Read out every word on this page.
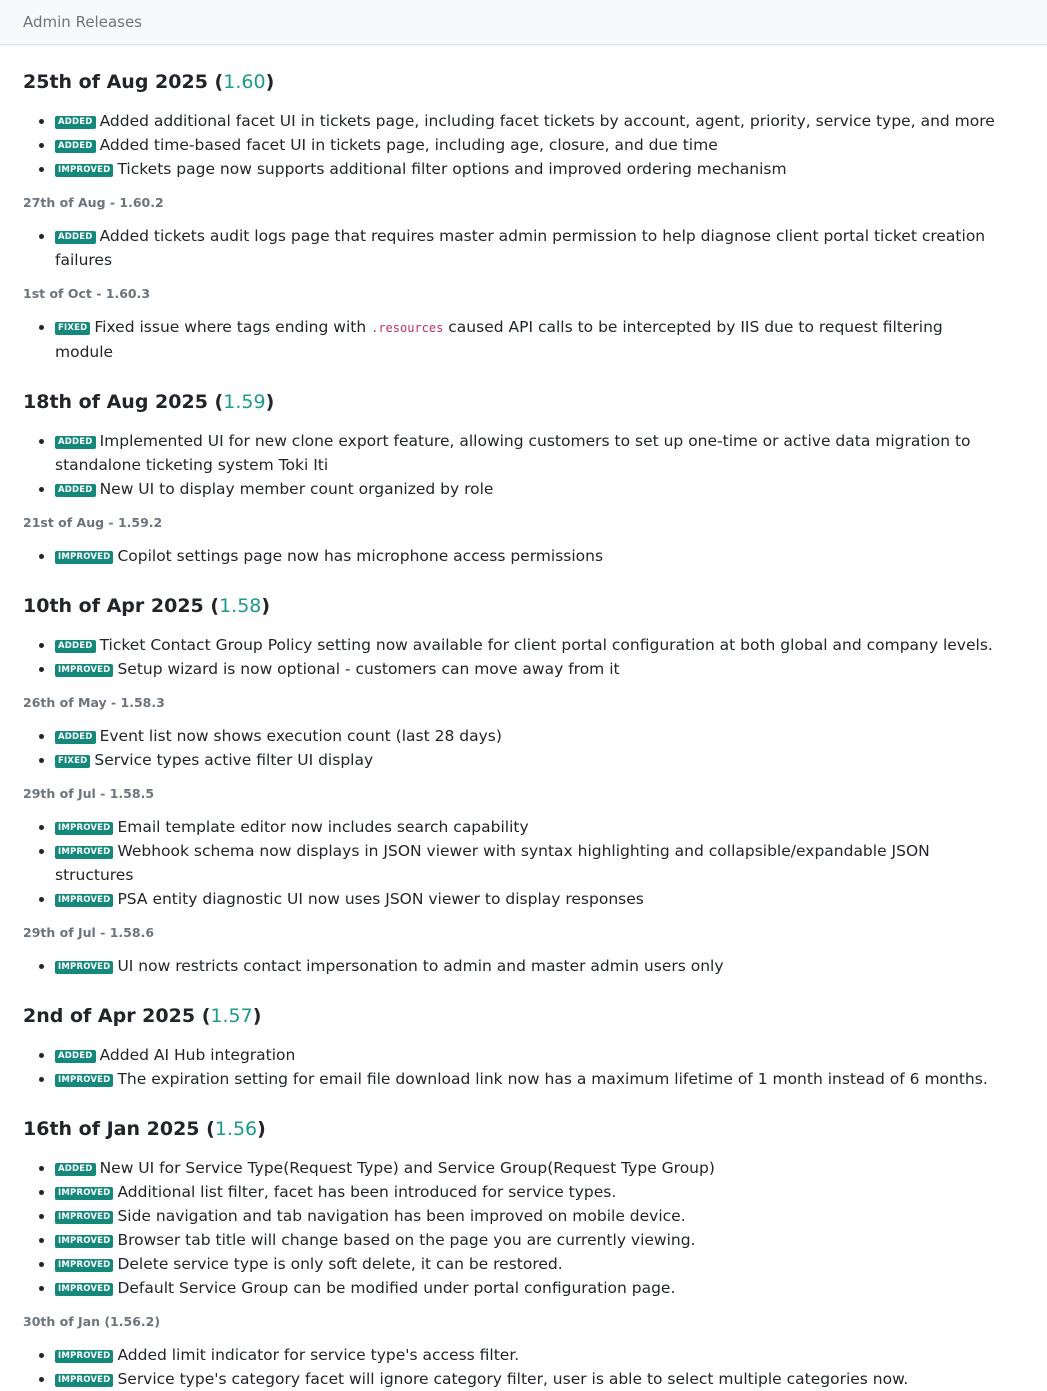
Admin Releases
25th of Aug 2025 (1.60)
• ADDED Added additional facet UI in tickets page, including facet tickets by account, agent, priority, service type, and more
• ADDED Added time-based facet UI in tickets page, including age, closure, and due time
• IMPROVED Tickets page now supports additional filter options and improved ordering mechanism
27th of Aug - 1.60.2
• ADDED Added tickets audit logs page that requires master admin permission to help diagnose client portal ticket creation failures
1st of Oct - 1.60.3
• FIXED Fixed issue where tags ending with .resources caused API calls to be intercepted by IIS due to request filtering module
18th of Aug 2025 (1.59)
• ADDED Implemented UI for new clone export feature, allowing customers to set up one-time or active data migration to standalone ticketing system Toki Iti
• ADDED New UI to display member count organized by role
21st of Aug - 1.59.2
• IMPROVED Copilot settings page now has microphone access permissions
10th of Apr 2025 (1.58)
• ADDED Ticket Contact Group Policy setting now available for client portal configuration at both global and company levels.
• IMPROVED Setup wizard is now optional - customers can move away from it
26th of May - 1.58.3
• ADDED Event list now shows execution count (last 28 days)
• FIXED Service types active filter UI display
29th of Jul - 1.58.5
• IMPROVED Email template editor now includes search capability
• IMPROVED Webhook schema now displays in JSON viewer with syntax highlighting and collapsible/expandable JSON structures
• IMPROVED PSA entity diagnostic UI now uses JSON viewer to display responses
29th of Jul - 1.58.6
• IMPROVED UI now restricts contact impersonation to admin and master admin users only
2nd of Apr 2025 (1.57)
• ADDED Added AI Hub integration
• IMPROVED The expiration setting for email file download link now has a maximum lifetime of 1 month instead of 6 months.
16th of Jan 2025 (1.56)
• ADDED New UI for Service Type(Request Type) and Service Group(Request Type Group)
• IMPROVED Additional list filter, facet has been introduced for service types.
• IMPROVED Side navigation and tab navigation has been improved on mobile device.
• IMPROVED Browser tab title will change based on the page you are currently viewing.
• IMPROVED Delete service type is only soft delete, it can be restored.
• IMPROVED Default Service Group can be modified under portal configuration page.
30th of Jan (1.56.2)
• IMPROVED Added limit indicator for service type's access filter.
• IMPROVED Service type's category facet will ignore category filter, user is able to select multiple categories now.
